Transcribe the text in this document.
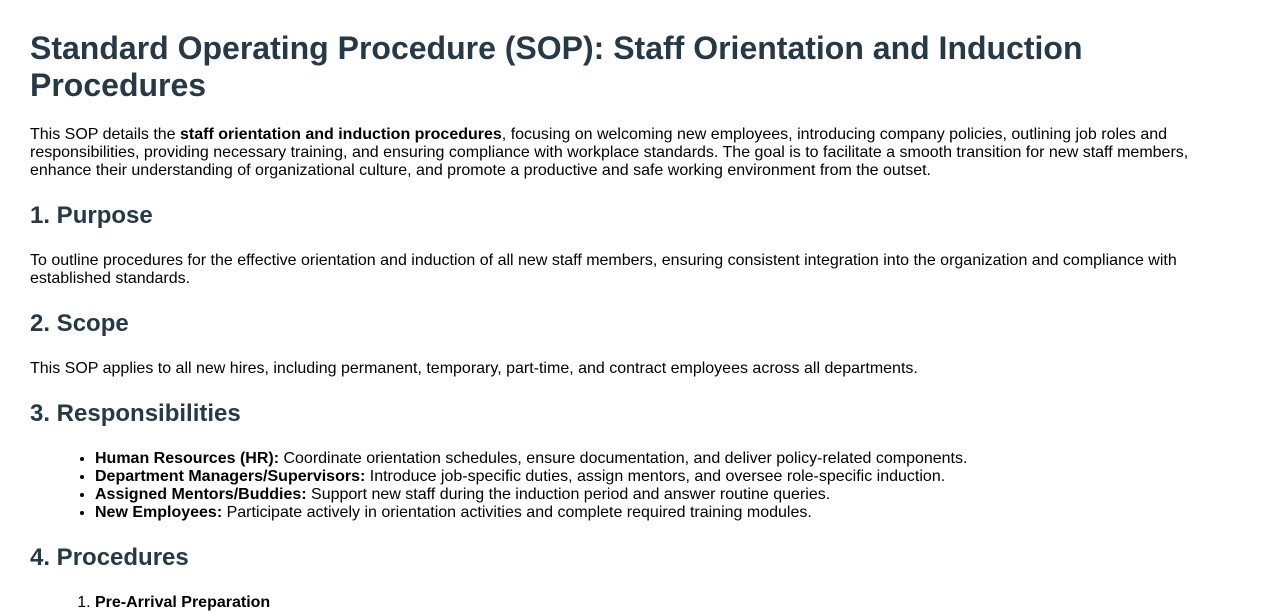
Standard Operating Procedure (SOP): Staff Orientation and Induction Procedures

This SOP details the staff orientation and induction procedures, focusing on welcoming new employees, introducing company policies, outlining job roles and responsibilities, providing necessary training, and ensuring compliance with workplace standards. The goal is to facilitate a smooth transition for new staff members, enhance their understanding of organizational culture, and promote a productive and safe working environment from the outset.

1. Purpose

To outline procedures for the effective orientation and induction of all new staff members, ensuring consistent integration into the organization and compliance with established standards.

2. Scope

This SOP applies to all new hires, including permanent, temporary, part-time, and contract employees across all departments.

3. Responsibilities
• Human Resources (HR): Coordinate orientation schedules, ensure documentation, and deliver policy-related components.
• Department Managers/Supervisors: Introduce job-specific duties, assign mentors, and oversee role-specific induction.
• Assigned Mentors/Buddies: Support new staff during the induction period and answer routine queries.
• New Employees: Participate actively in orientation activities and complete required training modules.
4. Procedures
1. Pre-Arrival Preparation
